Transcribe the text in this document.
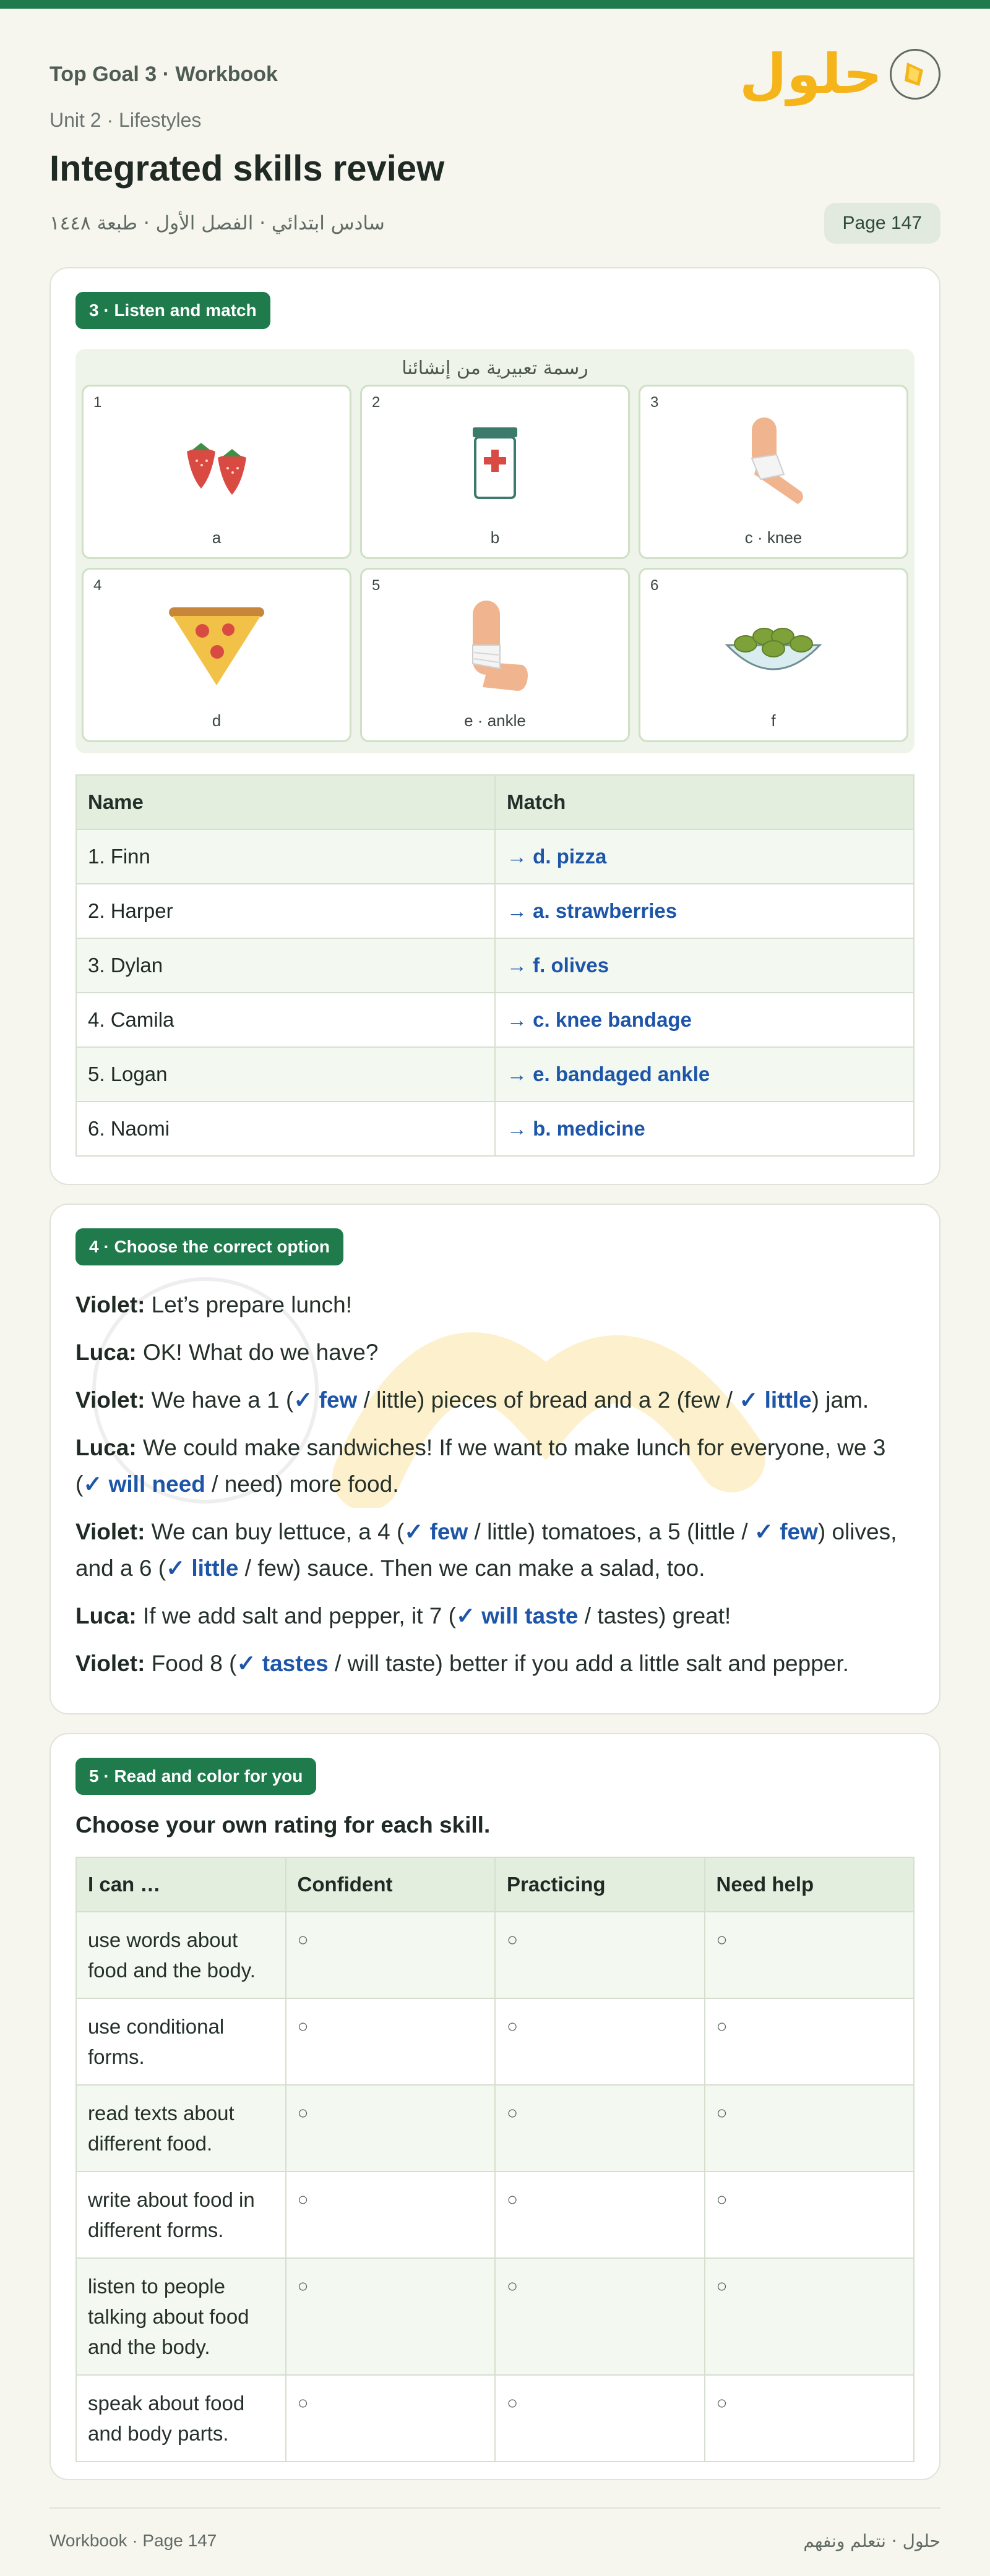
Top Goal 3 · Workbook	حلول
Unit 2 · Lifestyles
Integrated skills review
سادس ابتدائي · الفصل الأول · طبعة ١٤٤٨	Page 147
3 · Listen and match
رسمة تعبيرية من إنشائنا
1
a
2
b
3
c · knee
4
d
5
e · ankle
6
f
Name	Match
1. Finn	→ d. pizza
2. Harper	→ a. strawberries
3. Dylan	→ f. olives
4. Camila	→ c. knee bandage
5. Logan	→ e. bandaged ankle
6. Naomi	→ b. medicine
4 · Choose the correct option

Violet: Let’s prepare lunch!

Luca: OK! What do we have?

Violet: We have a 1 (✓ few / little) pieces of bread and a 2 (few / ✓ little) jam.

Luca: We could make sandwiches! If we want to make lunch for everyone, we 3 (✓ will need / need) more food.

Violet: We can buy lettuce, a 4 (✓ few / little) tomatoes, a 5 (little / ✓ few) olives, and a 6 (✓ little / few) sauce. Then we can make a salad, too.

Luca: If we add salt and pepper, it 7 (✓ will taste / tastes) great!

Violet: Food 8 (✓ tastes / will taste) better if you add a little salt and pepper.

5 · Read and color for you
Choose your own rating for each skill.
I can …	Confident	Practicing	Need help
use words about food and the body.	○	○	○
use conditional forms.	○	○	○
read texts about different food.	○	○	○
write about food in different forms.	○	○	○
listen to people talking about food and the body.	○	○	○
speak about food and body parts.	○	○	○
Workbook · Page 147	حلول · نتعلم ونفهم
